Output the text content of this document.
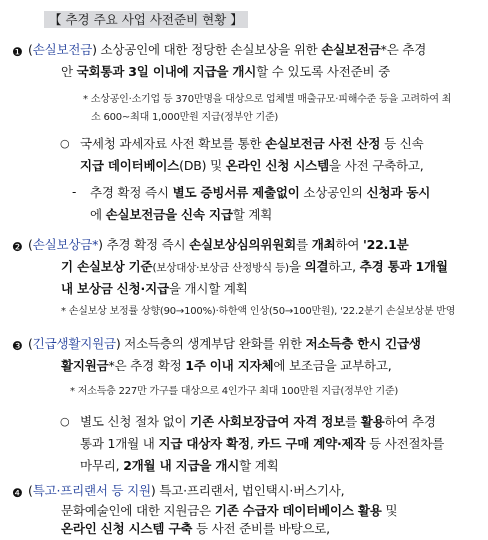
【 추경 주요 사업 사전준비 현황 】
❶ (손실보전금) 소상공인에 대한 정당한 손실보상을 위한 손실보전금*은 추경
안 국회통과 3일 이내에 지급을 개시할 수 있도록 사전준비 중
* 소상공인·소기업 등 370만명을 대상으로 업체별 매출규모·피해수준 등을 고려하여 최
소 600~최대 1,000만원 지급(정부안 기준)
○ 국세청 과세자료 사전 확보를 통한 손실보전금 사전 산정 등 신속
지급 데이터베이스(DB) 및 온라인 신청 시스템을 사전 구축하고,
- 추경 확정 즉시 별도 증빙서류 제출없이 소상공인의 신청과 동시
에 손실보전금을 신속 지급할 계획
❷ (손실보상금*) 추경 확정 즉시 손실보상심의위원회를 개최하여 '22.1분
기 손실보상 기준(보상대상·보상금 산정방식 등)을 의결하고, 추경 통과 1개월
내 보상금 신청·지급을 개시할 계획
* 손실보상 보정률 상향(90→100%)·하한액 인상(50→100만원), '22.2분기 손실보상분 반영
❸ (긴급생활지원금) 저소득층의 생계부담 완화를 위한 저소득층 한시 긴급생
활지원금*은 추경 확정 1주 이내 지자체에 보조금을 교부하고,
* 저소득층 227만 가구를 대상으로 4인가구 최대 100만원 지급(정부안 기준)
○ 별도 신청 절차 없이 기존 사회보장급여 자격 정보를 활용하여 추경
통과 1개월 내 지급 대상자 확정, 카드 구매 계약·제작 등 사전절차를
마무리, 2개월 내 지급을 개시할 계획
❹ (특고·프리랜서 등 지원) 특고·프리랜서, 법인택시·버스기사,
문화예술인에 대한 지원금은 기존 수급자 데이터베이스 활용 및
온라인 신청 시스템 구축 등 사전 준비를 바탕으로,
